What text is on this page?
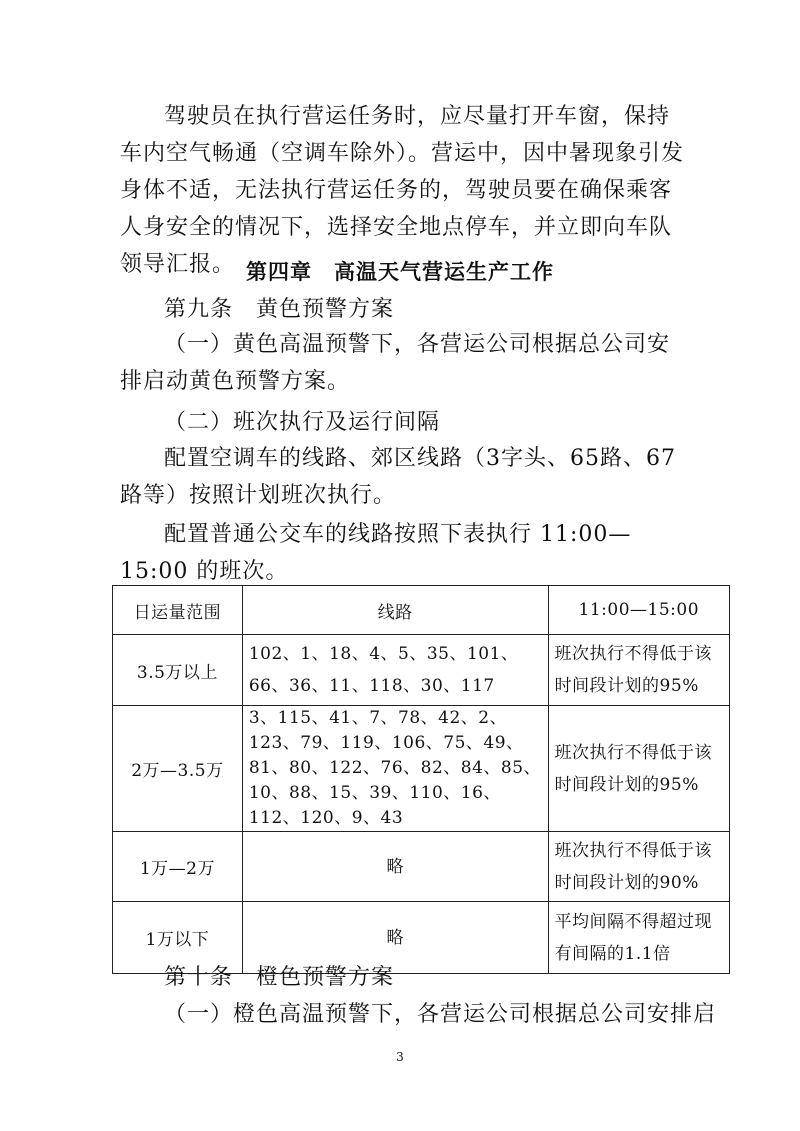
驾驶员在执行营运任务时，应尽量打开车窗，保持车内空气畅通（空调车除外）。营运中，因中暑现象引发身体不适，无法执行营运任务的，驾驶员要在确保乘客人身安全的情况下，选择安全地点停车，并立即向车队领导汇报。 第四章　高温天气营运生产工作

第九条　黄色预警方案

（一）黄色高温预警下，各营运公司根据总公司安排启动黄色预警方案。

（二）班次执行及运行间隔

配置空调车的线路、郊区线路（3字头、65路、67路等）按照计划班次执行。

配置普通公交车的线路按照下表执行 11:00—15:00 的班次。

日运量范围	线路	11:00—15:00
3.5万以上	102、1、18、4、5、35、101、66、36、11、118、30、117	班次执行不得低于该时间段计划的95%
2万—3.5万	3、115、41、7、78、42、2、123、79、119、106、75、49、81、80、122、76、82、84、85、10、88、15、39、110、16、112、120、9、43	班次执行不得低于该时间段计划的95%
1万—2万	略	班次执行不得低于该时间段计划的90%
1万以下	略	平均间隔不得超过现有间隔的1.1倍

第十条　橙色预警方案

（一）橙色高温预警下，各营运公司根据总公司安排启

3
